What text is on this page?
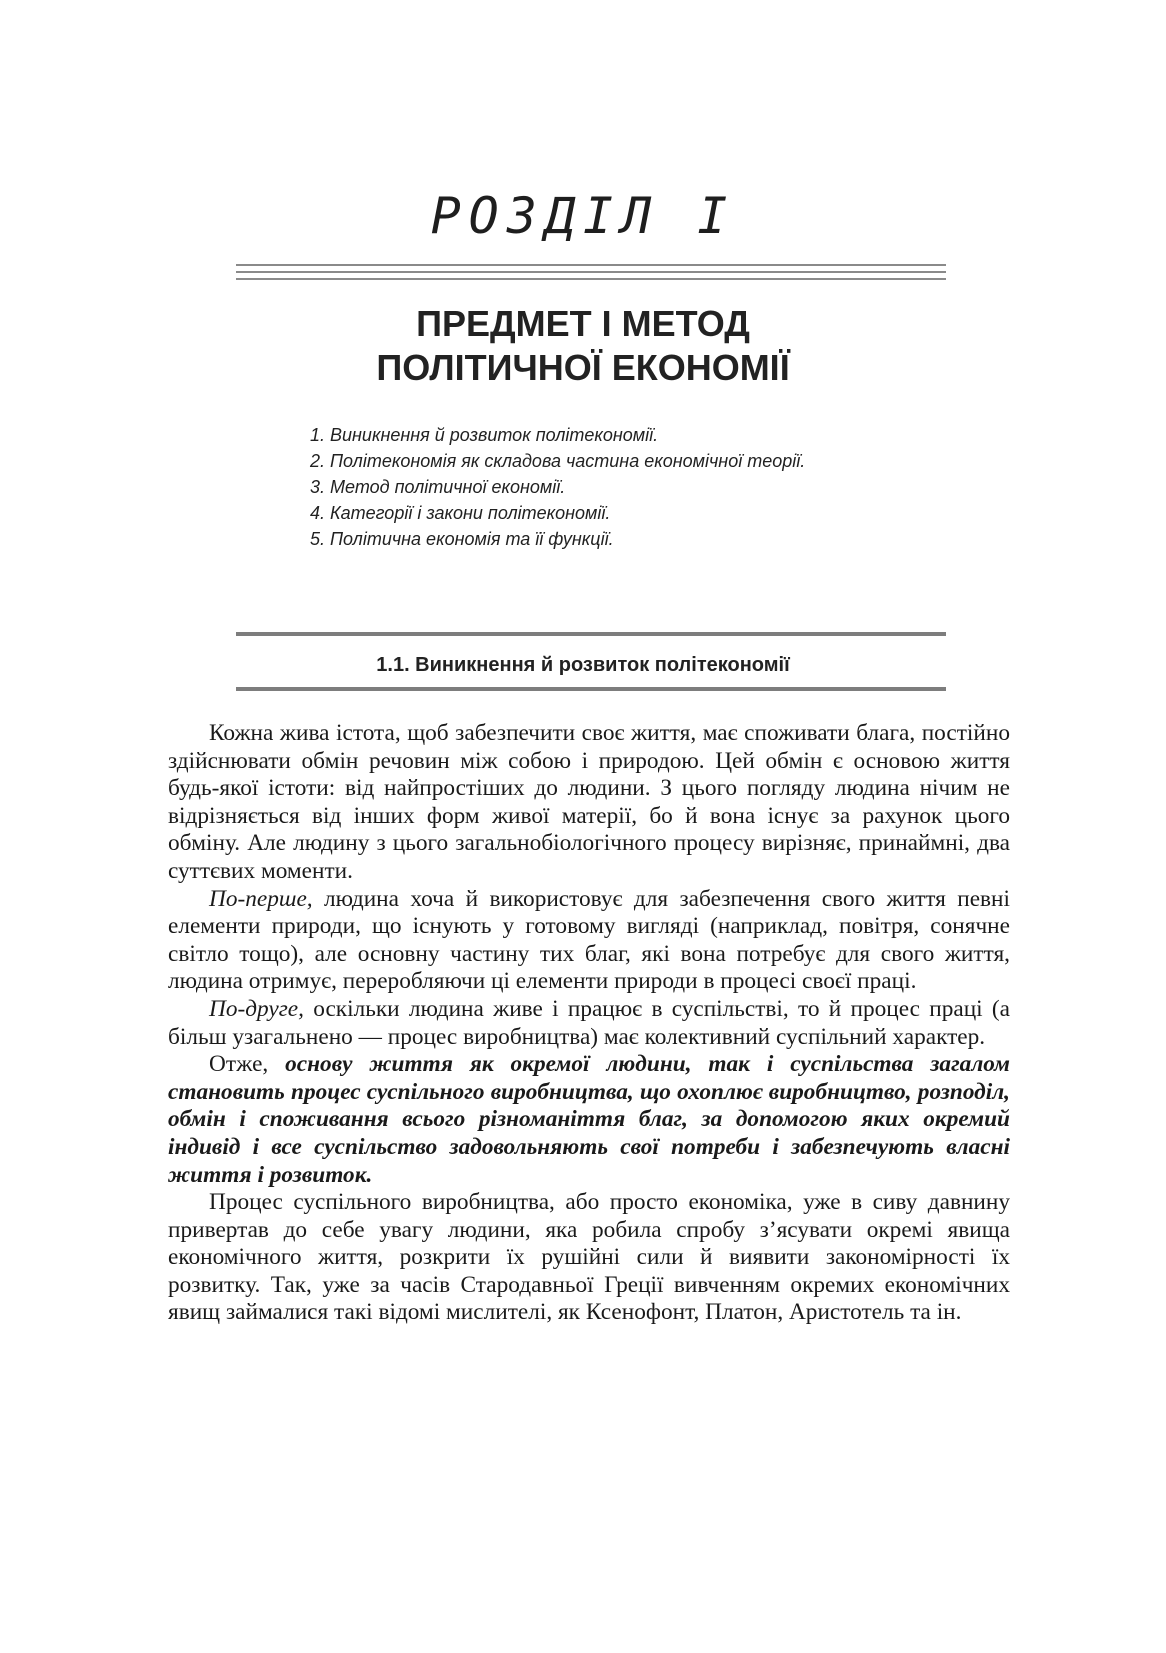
РОЗДІЛ I
ПРЕДМЕТ І МЕТОД
ПОЛІТИЧНОЇ ЕКОНОМІЇ
1. Виникнення й розвиток політекономії.
2. Політекономія як складова частина економічної теорії.
3. Метод політичної економії.
4. Категорії і закони політекономії.
5. Політична економія та її функції.
1.1. Виникнення й розвиток політекономії

Кожна жива істота, щоб забезпечити своє життя, має споживати блага, постійно здійснювати обмін речовин між собою і природою. Цей обмін є основою життя будь-якої істоти: від найпростіших до людини. З цього погляду людина нічим не відрізняється від інших форм живої матерії, бо й вона існує за рахунок цього обміну. Але людину з цього загальнобіологічного процесу вирізняє, принаймні, два суттєвих моменти.

По-перше, людина хоча й використовує для забезпечення свого життя певні елементи природи, що існують у готовому вигляді (наприклад, повітря, сонячне світло тощо), але основну частину тих благ, які вона потребує для свого життя, людина отримує, переробляючи ці елементи природи в процесі своєї праці.

По-друге, оскільки людина живе і працює в суспільстві, то й процес праці (а більш узагальнено — процес виробництва) має колективний суспільний характер.

Отже, основу життя як окремої людини, так і суспільства загалом становить процес суспільного виробництва, що охоплює виробництво, розподіл, обмін і споживання всього різноманіття благ, за допомогою яких окремий індивід і все суспільство задовольняють свої потреби і забезпечують власні життя і розвиток.

Процес суспільного виробництва, або просто економіка, уже в сиву давнину привертав до себе увагу людини, яка робила спробу з’ясувати окремі явища економічного життя, розкрити їх рушійні сили й виявити закономірності їх розвитку. Так, уже за часів Стародавньої Греції вивченням окремих економічних явищ займалися такі відомі мислителі, як Ксенофонт, Платон, Аристотель та ін.
